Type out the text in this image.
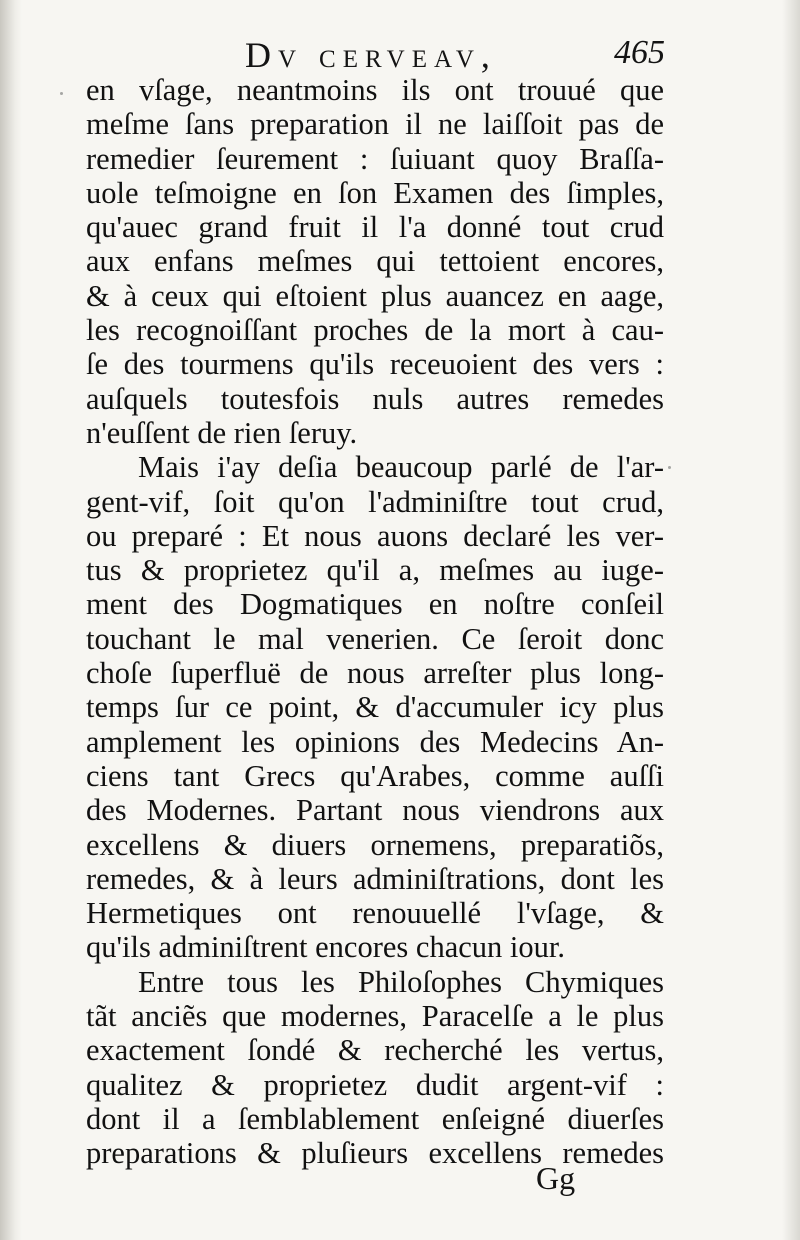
Dv cerveav,	465
en vſage, neantmoins ils ont trouué que
meſme ſans preparation il ne laiſſoit pas de
remedier ſeurement : ſuiuant quoy Braſſa-
uole teſmoigne en ſon Examen des ſimples,
qu'auec grand fruit il l'a donné tout crud
aux enfans meſmes qui tettoient encores,
& à ceux qui eſtoient plus auancez en aage,
les recognoiſſant proches de la mort à cau-
ſe des tourmens qu'ils receuoient des vers :
auſquels toutesfois nuls autres remedes
n'euſſent de rien ſeruy.
Mais i'ay deſia beaucoup parlé de l'ar-
gent-vif, ſoit qu'on l'adminiſtre tout crud,
ou preparé : Et nous auons declaré les ver-
tus & proprietez qu'il a, meſmes au iuge-
ment des Dogmatiques en noſtre conſeil
touchant le mal venerien. Ce ſeroit donc
choſe ſuperfluë de nous arreſter plus long-
temps ſur ce point, & d'accumuler icy plus
amplement les opinions des Medecins An-
ciens tant Grecs qu'Arabes, comme auſſi
des Modernes. Partant nous viendrons aux
excellens & diuers ornemens, preparatiõs,
remedes, & à leurs adminiſtrations, dont les
Hermetiques ont renouuellé l'vſage, &
qu'ils adminiſtrent encores chacun iour.
Entre tous les Philoſophes Chymiques
tãt anciẽs que modernes, Paracelſe a le plus
exactement ſondé & recherché les vertus,
qualitez & proprietez dudit argent-vif :
dont il a ſemblablement enſeigné diuerſes
preparations & pluſieurs excellens remedes
Gg
